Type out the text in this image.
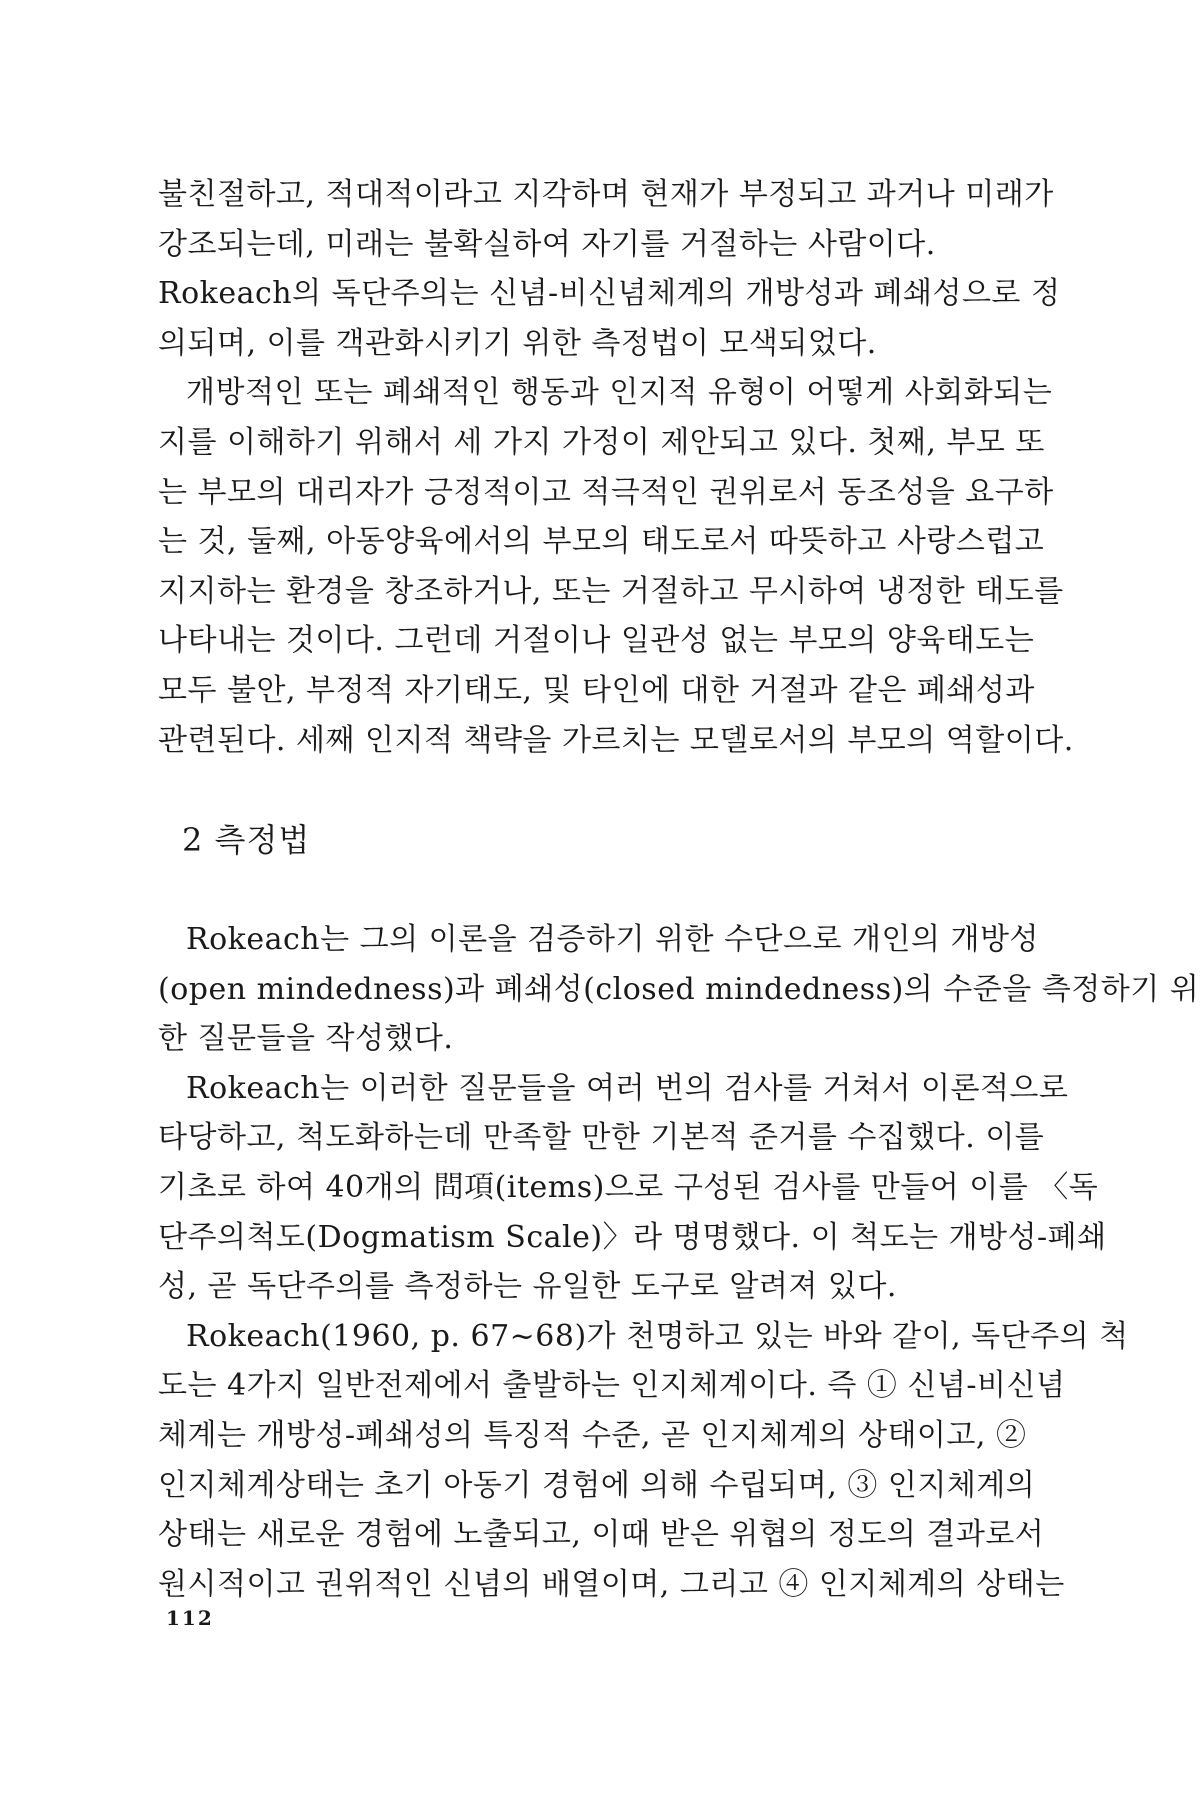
불친절하고, 적대적이라고 지각하며 현재가 부정되고 과거나 미래가
강조되는데, 미래는 불확실하여 자기를 거절하는 사람이다.
Rokeach의 독단주의는 신념-비신념체계의 개방성과 폐쇄성으로 정
의되며, 이를 객관화시키기 위한 측정법이 모색되었다.
개방적인 또는 폐쇄적인 행동과 인지적 유형이 어떻게 사회화되는
지를 이해하기 위해서 세 가지 가정이 제안되고 있다. 첫째, 부모 또
는 부모의 대리자가 긍정적이고 적극적인 권위로서 동조성을 요구하
는 것, 둘째, 아동양육에서의 부모의 태도로서 따뜻하고 사랑스럽고
지지하는 환경을 창조하거나, 또는 거절하고 무시하여 냉정한 태도를
나타내는 것이다. 그런데 거절이나 일관성 없는 부모의 양육태도는
모두 불안, 부정적 자기태도, 및 타인에 대한 거절과 같은 폐쇄성과
관련된다. 세째 인지적 책략을 가르치는 모델로서의 부모의 역할이다.
2 측정법
Rokeach는 그의 이론을 검증하기 위한 수단으로 개인의 개방성
(open mindedness)과 폐쇄성(closed mindedness)의 수준을 측정하기 위
한 질문들을 작성했다.
Rokeach는 이러한 질문들을 여러 번의 검사를 거쳐서 이론적으로
타당하고, 척도화하는데 만족할 만한 기본적 준거를 수집했다. 이를
기초로 하여 40개의 問項(items)으로 구성된 검사를 만들어 이를 〈독
단주의척도(Dogmatism Scale)〉라 명명했다. 이 척도는 개방성-폐쇄
성, 곧 독단주의를 측정하는 유일한 도구로 알려져 있다.
Rokeach(1960, p. 67~68)가 천명하고 있는 바와 같이, 독단주의 척
도는 4가지 일반전제에서 출발하는 인지체계이다. 즉 ① 신념-비신념
체계는 개방성-폐쇄성의 특징적 수준, 곧 인지체계의 상태이고, ②
인지체계상태는 초기 아동기 경험에 의해 수립되며, ③ 인지체계의
상태는 새로운 경험에 노출되고, 이때 받은 위협의 정도의 결과로서
원시적이고 권위적인 신념의 배열이며, 그리고 ④ 인지체계의 상태는
112
